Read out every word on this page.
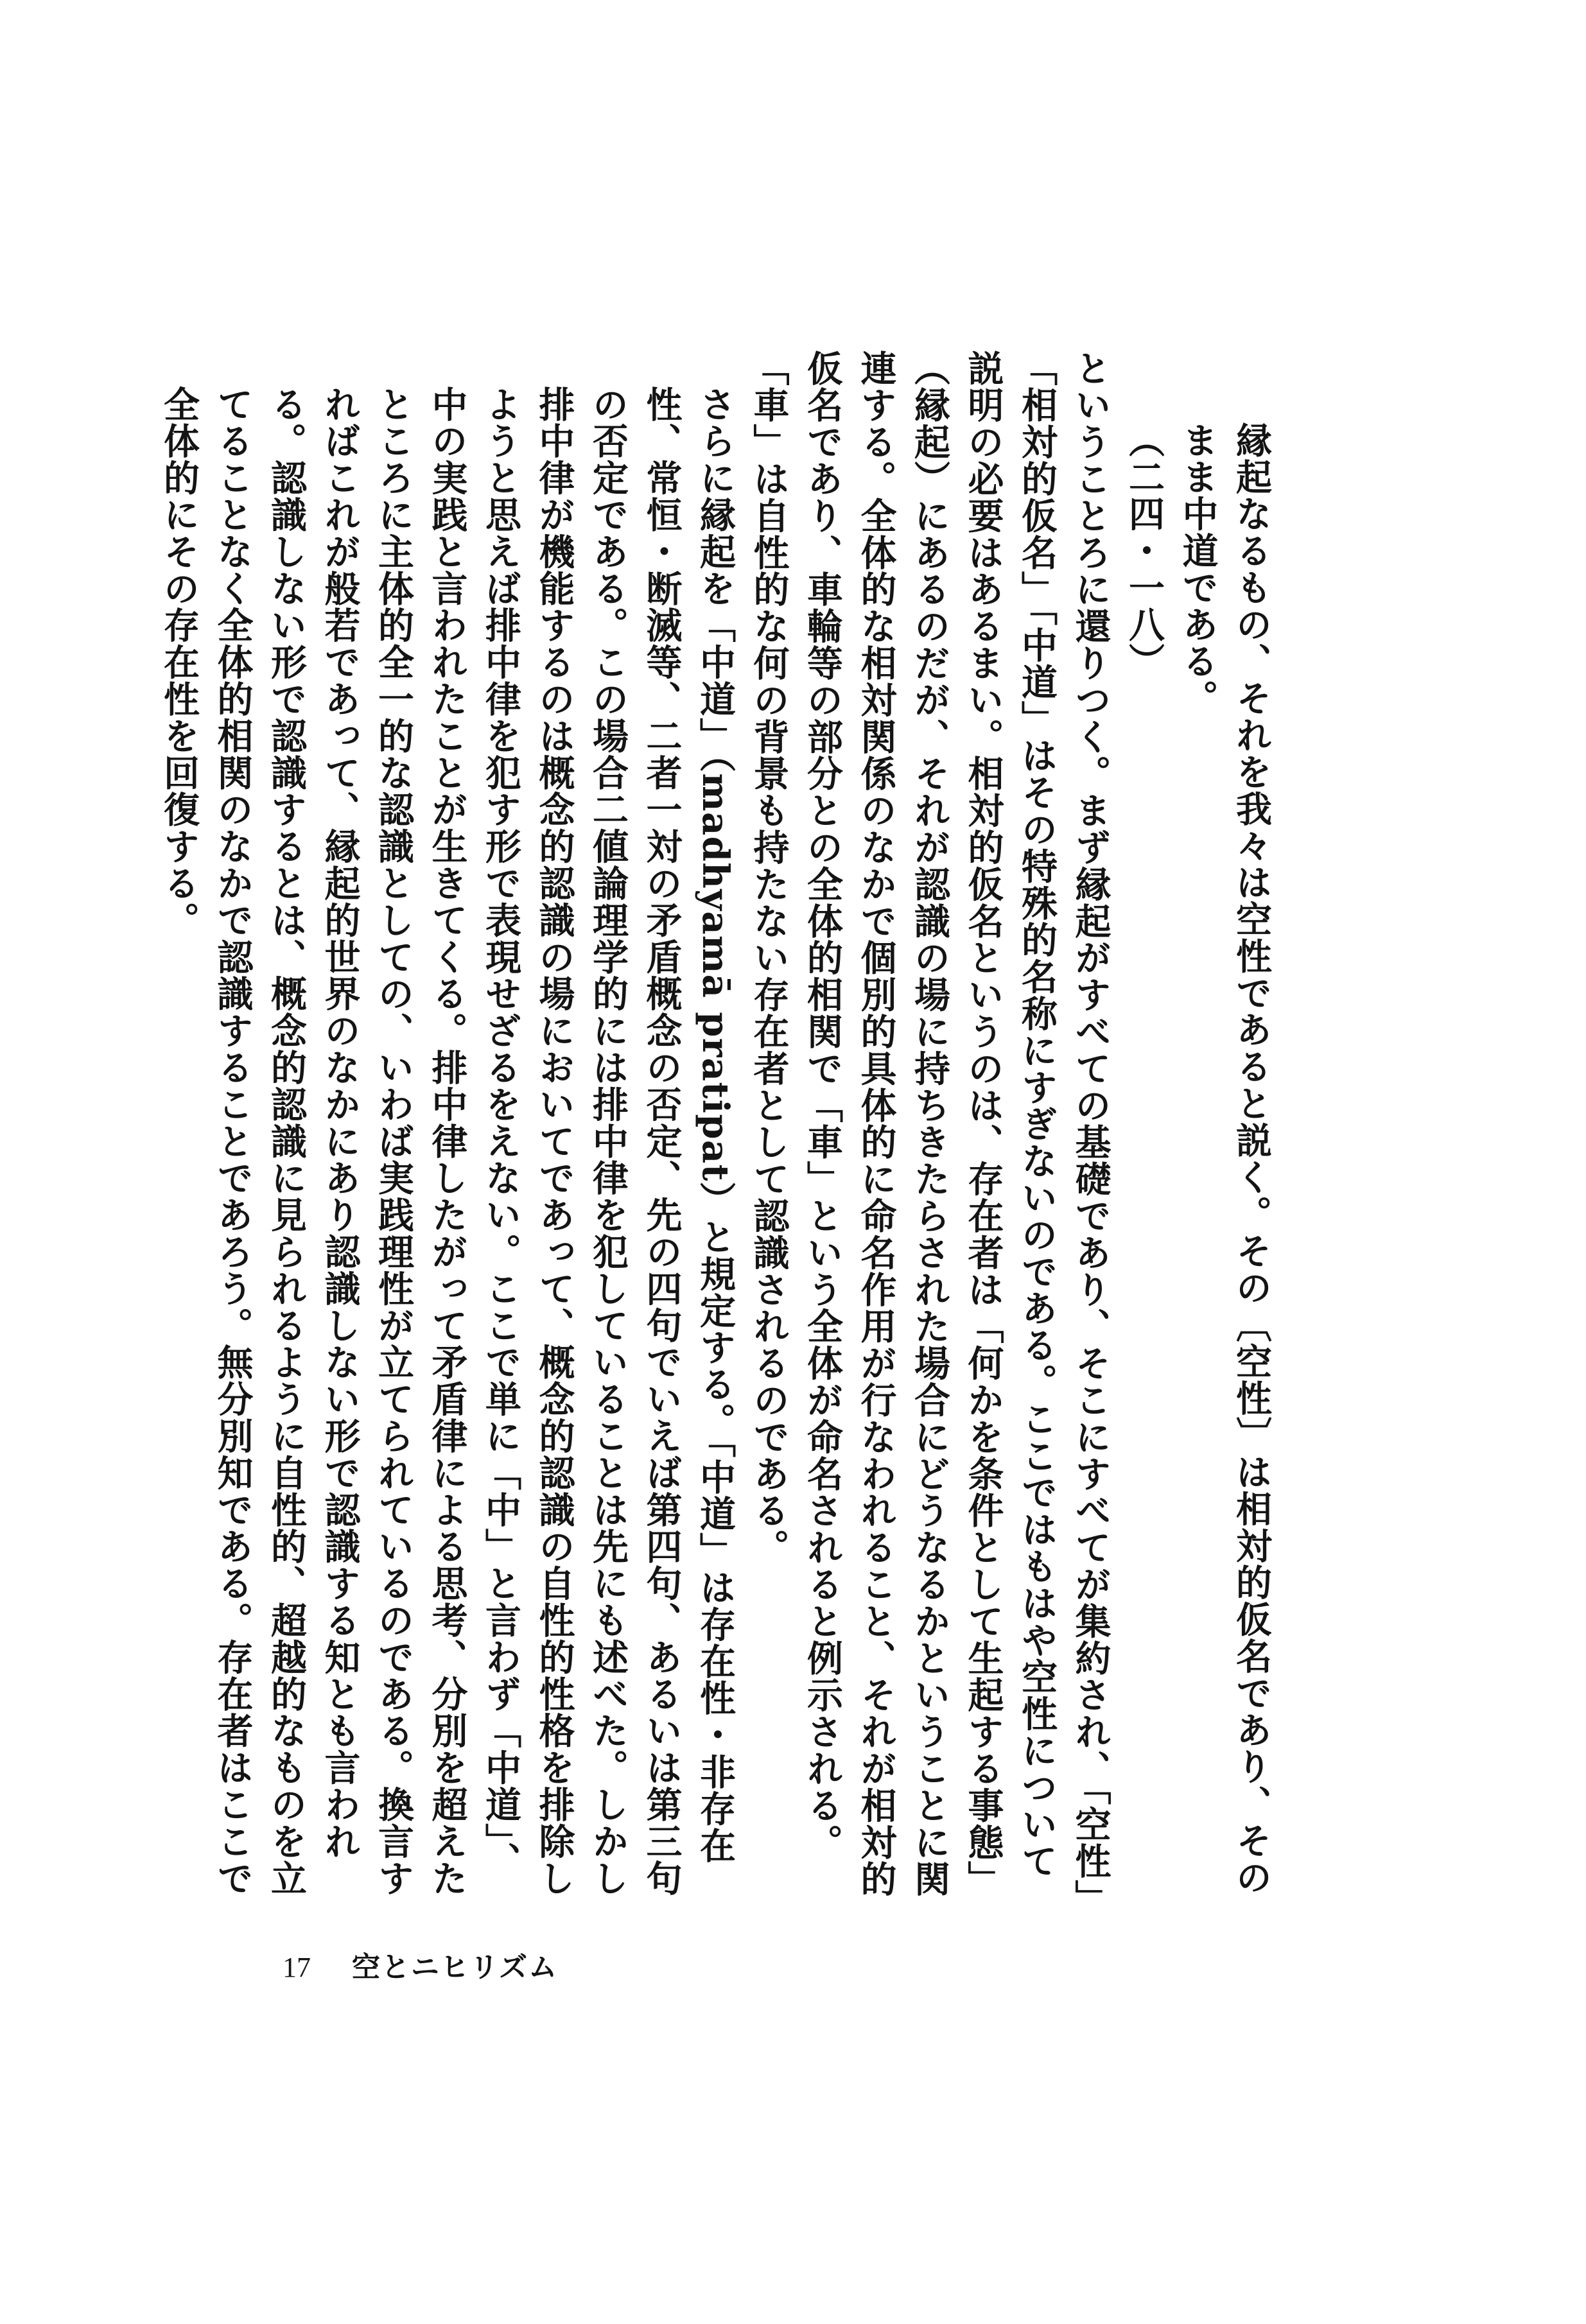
縁起なるもの、それを我々は空性であると説く。その〔空性〕は相対的仮名であり、そのまま中道である。

（二四・一八）

ということろに還りつく。まず縁起がすべての基礎であり、そこにすべてが集約され、「空性」「相対的仮名」「中道」はその特殊的名称にすぎないのである。ここではもはや空性について説明の必要はあるまい。相対的仮名というのは、存在者は「何かを条件として生起する事態」（縁起）にあるのだが、それが認識の場に持ちきたらされた場合にどうなるかということに関連する。全体的な相対関係のなかで個別的具体的に命名作用が行なわれること、それが相対的仮名であり、車輪等の部分との全体的相関で「車」という全体が命名されると例示される。「車」は自性的な何の背景も持たない存在者として認識されるのである。

さらに縁起を「中道」（madhyamā pratipat）と規定する。「中道」は存在性・非存在性、常恒・断滅等、二者一対の矛盾概念の否定、先の四句でいえば第四句、あるいは第三句の否定である。この場合二値論理学的には排中律を犯していることは先にも述べた。しかし排中律が機能するのは概念的認識の場においてであって、概念的認識の自性的性格を排除しようと思えば排中律を犯す形で表現せざるをえない。ここで単に「中」と言わず「中道」、中の実践と言われたことが生きてくる。排中律したがって矛盾律による思考、分別を超えたところに主体的全一的な認識としての、いわば実践理性が立てられているのである。換言すればこれが般若であって、縁起的世界のなかにあり認識しない形で認識する知とも言われる。認識しない形で認識するとは、概念的認識に見られるように自性的、超越的なものを立てることなく全体的相関のなかで認識することであろう。無分別知である。存在者はここで全体的にその存在性を回復する。

17 空とニヒリズム
